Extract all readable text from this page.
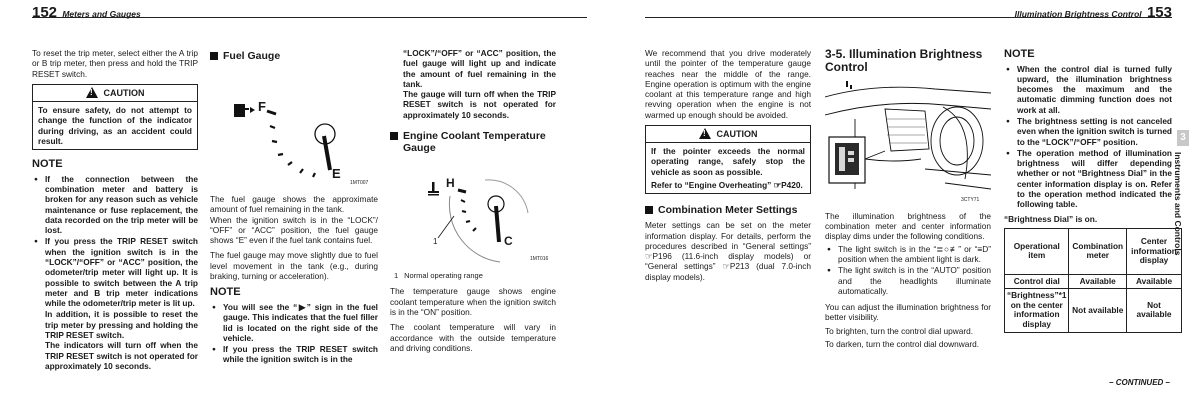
152 Meters and Gauges	Illumination Brightness Control 153

To reset the trip meter, select either the A trip or B trip meter, then press and hold the TRIP RESET switch.

! CAUTION
To ensure safety, do not attempt to change the function of the indicator during driving, as an accident could result.
NOTE
● If the connection between the combination meter and battery is broken for any reason such as vehicle maintenance or fuse replacement, the data recorded on the trip meter will be lost.
● If you press the TRIP RESET switch when the ignition switch is in the “LOCK”/“OFF” or “ACC” position, the odometer/trip meter will light up. It is possible to switch between the A trip meter and B trip meter indications while the odometer/trip meter is lit up.
In addition, it is possible to reset the trip meter by pressing and holding the TRIP RESET switch.
The indicators will turn off when the TRIP RESET switch is not operated for approximately 10 seconds.
Fuel Gauge
F
E
1MT007

The fuel gauge shows the approximate amount of fuel remaining in the tank.

When the ignition switch is in the “LOCK”/ “OFF” or “ACC” position, the fuel gauge shows “E” even if the fuel tank contains fuel.

The fuel gauge may move slightly due to fuel level movement in the tank (e.g., during braking, turning or acceleration).

NOTE
● You will see the “▶” sign in the fuel gauge. This indicates that the fuel filler lid is located on the right side of the vehicle.
● If you press the TRIP RESET switch while the ignition switch is in the
“LOCK”/“OFF” or “ACC” position, the fuel gauge will light up and indicate the amount of fuel remaining in the tank.
The gauge will turn off when the TRIP RESET switch is not operated for approximately 10 seconds.
Engine Coolant Temperature Gauge
H
C
1
1MT016
1 Normal operating range

The temperature gauge shows engine coolant temperature when the ignition switch is in the “ON” position.

The coolant temperature will vary in accordance with the outside temperature and driving conditions.

We recommend that you drive moderately until the pointer of the temperature gauge reaches near the middle of the range. Engine operation is optimum with the engine coolant at this temperature range and high revving operation when the engine is not warmed up enough should be avoided.

! CAUTION
If the pointer exceeds the normal operating range, safely stop the vehicle as soon as possible.
Refer to “Engine Overheating” ☞P420.
Combination Meter Settings

Meter settings can be set on the meter information display. For details, perform the procedures described in “General settings” ☞P196 (11.6-inch display models) or “General settings” ☞P213 (dual 7.0-inch display models).

3-5. Illumination Brightness Control
3CTY71

The illumination brightness of the combination meter and center information display dims under the following conditions.

● The light switch is in the “≣○≢” or “≡D” position when the ambient light is dark.
● The light switch is in the “AUTO” position and the headlights illuminate automatically.

You can adjust the illumination brightness for better visibility.

To brighten, turn the control dial upward.

To darken, turn the control dial downward.

NOTE
● When the control dial is turned fully upward, the illumination brightness becomes the maximum and the automatic dimming function does not work at all.
● The brightness setting is not canceled even when the ignition switch is turned to the “LOCK”/“OFF” position.
● The operation method of illumination brightness will differ depending whether or not “Brightness Dial” in the center information display is on. Refer to the operation method indicated the following table.
“Brightness Dial” is on.
Operational item	Combination meter	Center information display
Control dial	Available	Available
“Brightness”*1 on the center information display	Not available	Not available
3
Instruments and Controls
– CONTINUED –
